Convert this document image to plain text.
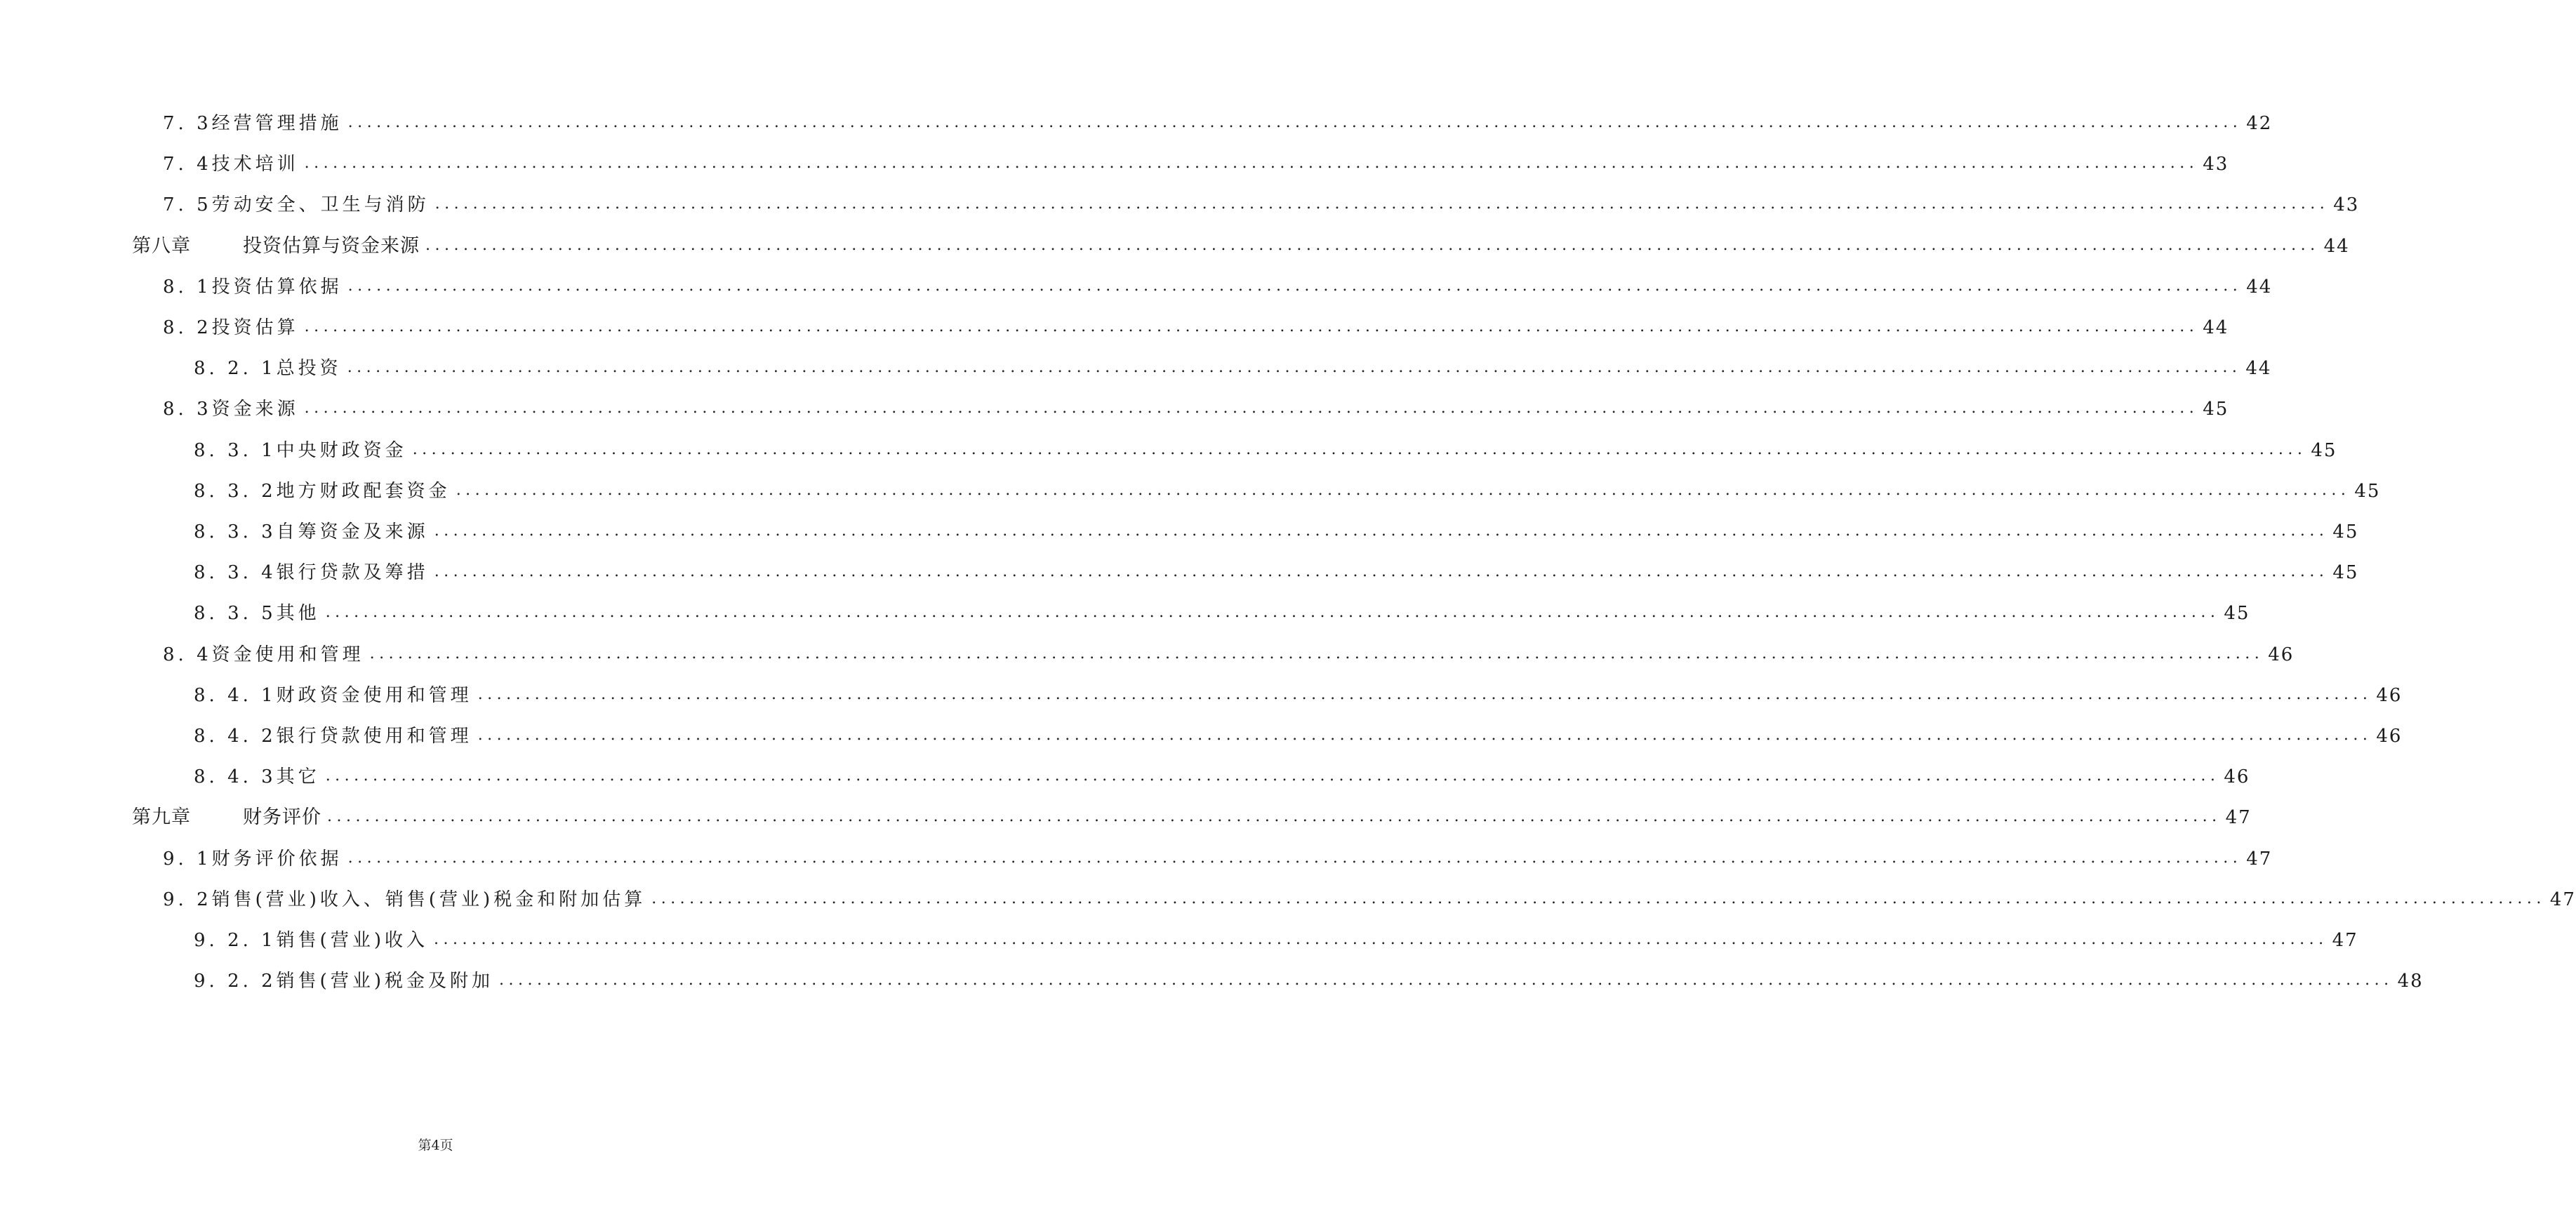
7. 3经营管理措施 ........................................................................................................................................................................................................ 42
7. 4技术培训 ........................................................................................................................................................................................................ 43
7. 5劳动安全、卫生与消防 ........................................................................................................................................................................................................ 43
第八章	投资估算与资金来源 ........................................................................................................................................................................................................ 44
8. 1投资估算依据 ........................................................................................................................................................................................................ 44
8. 2投资估算 ........................................................................................................................................................................................................ 44
8. 2. 1总投资 ........................................................................................................................................................................................................ 44
8. 3资金来源 ........................................................................................................................................................................................................ 45
8. 3. 1中央财政资金 ........................................................................................................................................................................................................ 45
8. 3. 2地方财政配套资金 ........................................................................................................................................................................................................ 45
8. 3. 3自筹资金及来源 ........................................................................................................................................................................................................ 45
8. 3. 4银行贷款及筹措 ........................................................................................................................................................................................................ 45
8. 3. 5其他 ........................................................................................................................................................................................................ 45
8. 4资金使用和管理 ........................................................................................................................................................................................................ 46
8. 4. 1财政资金使用和管理 ........................................................................................................................................................................................................ 46
8. 4. 2银行贷款使用和管理 ........................................................................................................................................................................................................ 46
8. 4. 3其它 ........................................................................................................................................................................................................ 46
第九章	财务评价 ........................................................................................................................................................................................................ 47
9. 1财务评价依据 ........................................................................................................................................................................................................ 47
9. 2销售(营业)收入、销售(营业)税金和附加估算 ........................................................................................................................................................................................................ 47
9. 2. 1销售(营业)收入 ........................................................................................................................................................................................................ 47
9. 2. 2销售(营业)税金及附加 ........................................................................................................................................................................................................ 48
第4页
